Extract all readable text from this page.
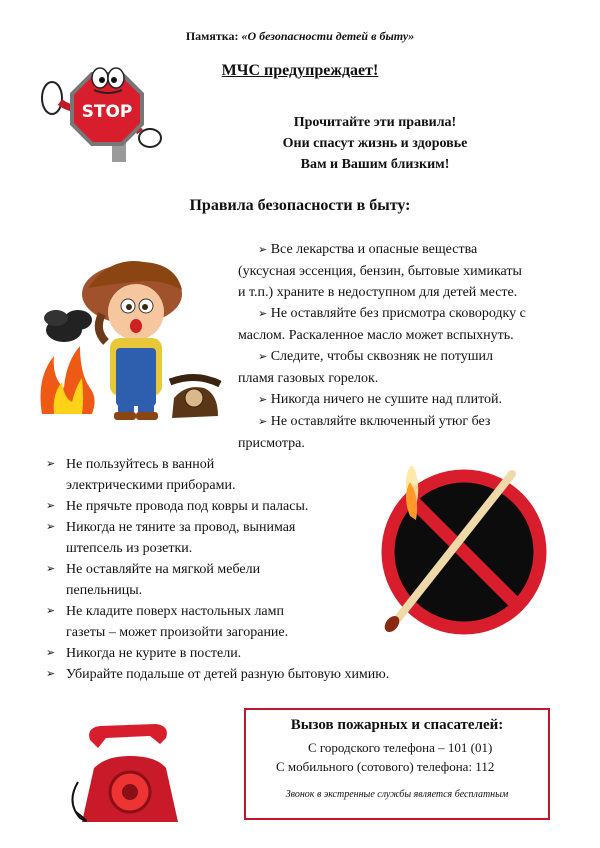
Памятка: «О безопасности детей в быту»
STOP
МЧС предупреждает!
Прочитайте эти правила!
Они спасут жизнь и здоровье
Вам и Вашим близким!
Правила безопасности в быту:
➢ Все лекарства и опасные вещества
(уксусная эссенция, бензин, бытовые химикаты
и т.п.) храните в недоступном для детей месте.
➢ Не оставляйте без присмотра сковородку с
маслом. Раскаленное масло может вспыхнуть.
➢ Следите, чтобы сквозняк не потушил
пламя газовых горелок.
➢ Никогда ничего не сушите над плитой.
➢ Не оставляйте включенный утюг без
присмотра.
➢ Не пользуйтесь в ванной
электрическими приборами.
➢ Не прячьте провода под ковры и паласы.
➢ Никогда не тяните за провод, вынимая
штепсель из розетки.
➢ Не оставляйте на мягкой мебели
пепельницы.
➢ Не кладите поверх настольных ламп
газеты – может произойти загорание.
➢ Никогда не курите в постели.
➢ Убирайте подальше от детей разную бытовую химию.
Вызов пожарных и спасателей:
С городского телефона – 101 (01)
С мобильного (сотового) телефона: 112
Звонок в экстренные службы является бесплатным
